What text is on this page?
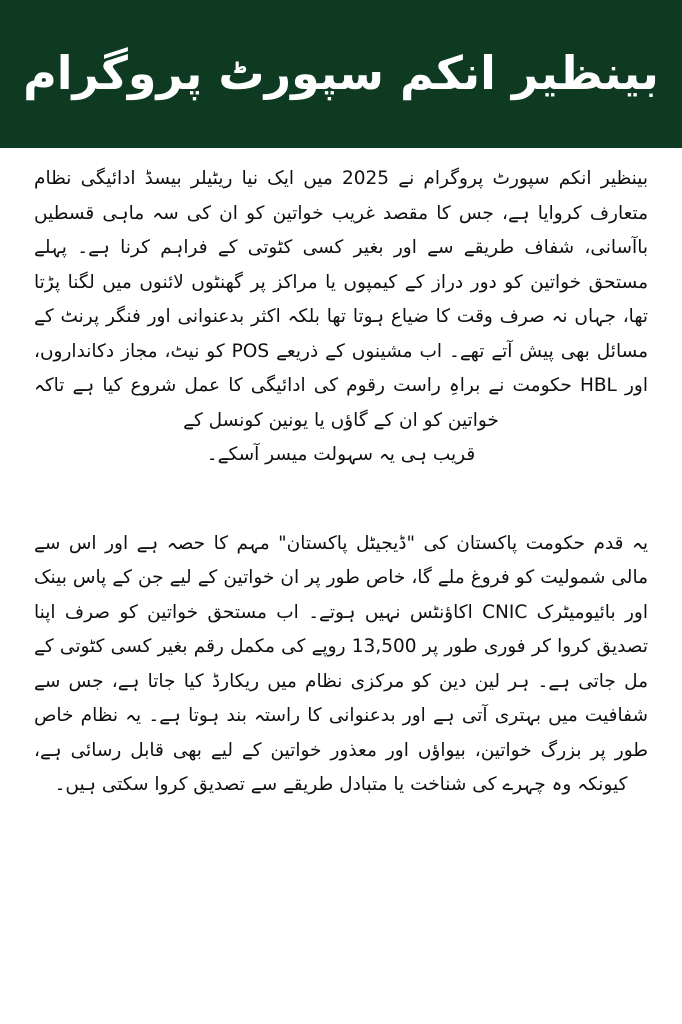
بینظیر انکم سپورٹ پروگرام

بینظیر انکم سپورٹ پروگرام نے 2025 میں ایک نیا ریٹیلر بیسڈ ادائیگی نظام متعارف کروایا ہے، جس کا مقصد غریب خواتین کو ان کی سہ ماہی قسطیں باآسانی، شفاف طریقے سے اور بغیر کسی کٹوتی کے فراہم کرنا ہے۔ پہلے مستحق خواتین کو دور دراز کے کیمپوں یا مراکز پر گھنٹوں لائنوں میں لگنا پڑتا تھا، جہاں نہ صرف وقت کا ضیاع ہوتا تھا بلکہ اکثر بدعنوانی اور فنگر پرنٹ کے مسائل بھی پیش آتے تھے۔ اب مشینوں کے ذریعے POS کو نیٹ، مجاز دکانداروں، اور HBL حکومت نے براہِ راست رقوم کی ادائیگی کا عمل شروع کیا ہے تاکہ خواتین کو ان کے گاؤں یا یونین کونسل کے

قریب ہی یہ سہولت میسر آسکے۔

یہ قدم حکومت پاکستان کی "ڈیجیٹل پاکستان" مہم کا حصہ ہے اور اس سے مالی شمولیت کو فروغ ملے گا، خاص طور پر ان خواتین کے لیے جن کے پاس بینک اور بائیومیٹرک CNIC اکاؤنٹس نہیں ہوتے۔ اب مستحق خواتین کو صرف اپنا تصدیق کروا کر فوری طور پر 13,500 روپے کی مکمل رقم بغیر کسی کٹوتی کے مل جاتی ہے۔ ہر لین دین کو مرکزی نظام میں ریکارڈ کیا جاتا ہے، جس سے شفافیت میں بہتری آتی ہے اور بدعنوانی کا راستہ بند ہوتا ہے۔ یہ نظام خاص طور پر بزرگ خواتین، بیواؤں اور معذور خواتین کے لیے بھی قابل رسائی ہے، کیونکہ وہ چہرے کی شناخت یا متبادل طریقے سے تصدیق کروا سکتی ہیں۔
